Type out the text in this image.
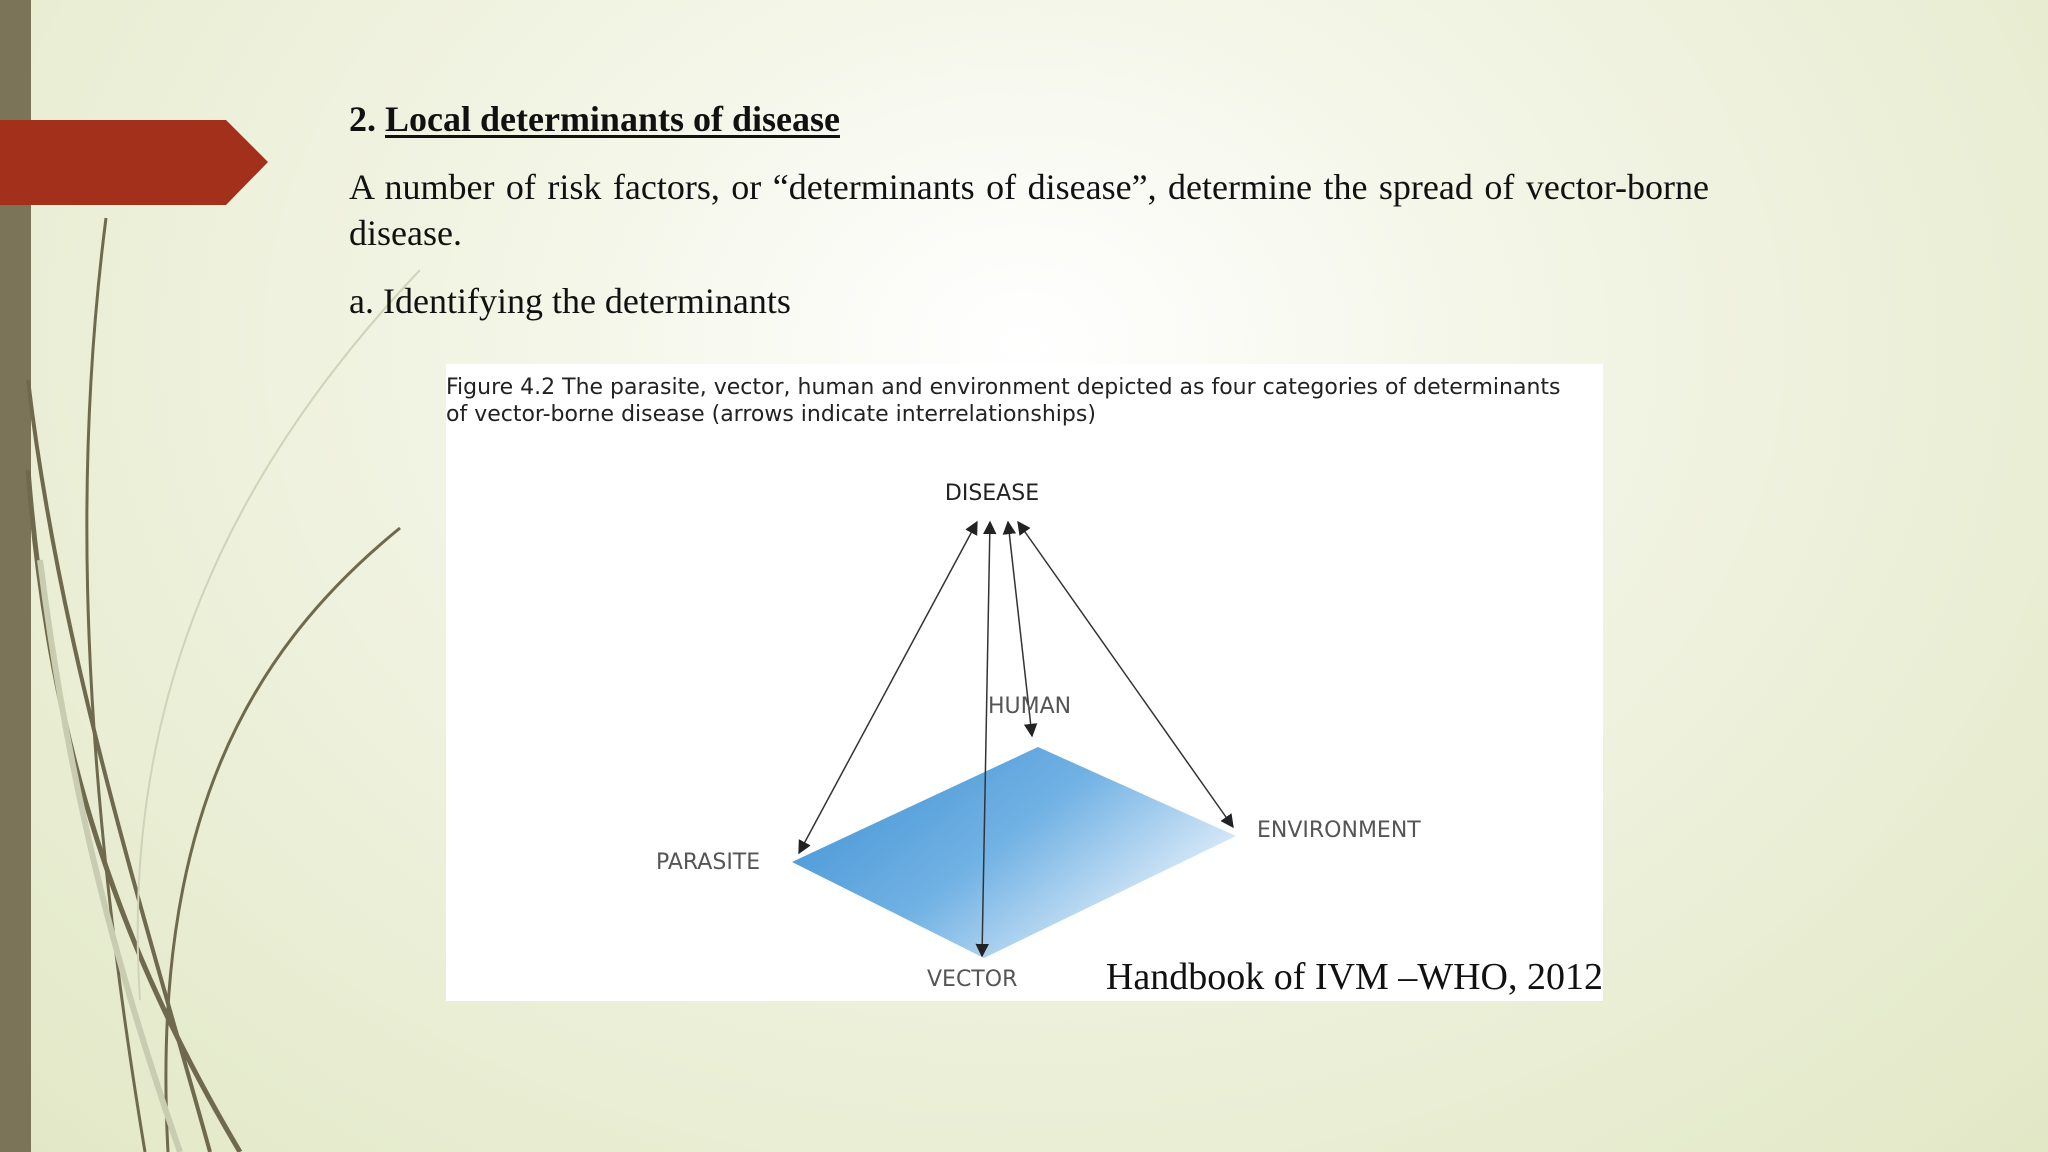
2. Local determinants of disease

A number of risk factors, or “determinants of disease”, determine the spread of vector-borne disease.

a. Identifying the determinants

DISEASE
HUMAN
ENVIRONMENT
PARASITE
VECTOR

Figure 4.2 The parasite, vector, human and environment depicted as four categories of determinants
of vector-borne disease (arrows indicate interrelationships)

Handbook of IVM –WHO, 2012
